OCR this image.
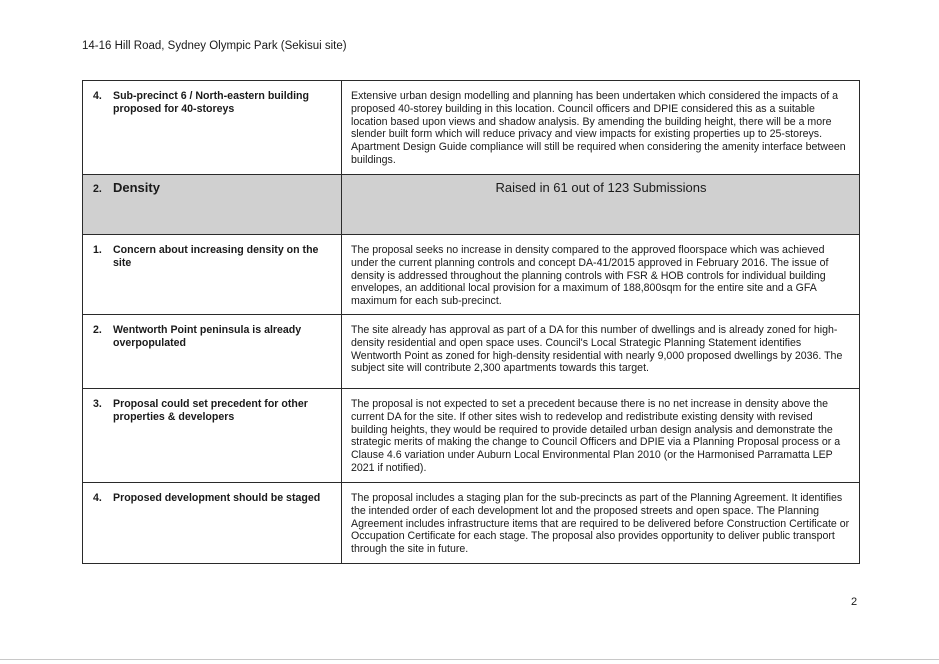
14-16 Hill Road, Sydney Olympic Park (Sekisui site)
4. Sub-precinct 6 / North-eastern building proposed for 40-storeys	Extensive urban design modelling and planning has been undertaken which considered the impacts of a proposed 40-storey building in this location. Council officers and DPIE considered this as a suitable location based upon views and shadow analysis. By amending the building height, there will be a more slender built form which will reduce privacy and view impacts for existing properties up to 25-storeys. Apartment Design Guide compliance will still be required when considering the amenity interface between buildings.

2. Density	Raised in 61 out of 123 Submissions

1. Concern about increasing density on the site	The proposal seeks no increase in density compared to the approved floorspace which was achieved under the current planning controls and concept DA-41/2015 approved in February 2016. The issue of density is addressed throughout the planning controls with FSR & HOB controls for individual building envelopes, an additional local provision for a maximum of 188,800sqm for the entire site and a GFA maximum for each sub-precinct.

2. Wentworth Point peninsula is already overpopulated	The site already has approval as part of a DA for this number of dwellings and is already zoned for high-density residential and open space uses. Council's Local Strategic Planning Statement identifies Wentworth Point as zoned for high-density residential with nearly 9,000 proposed dwellings by 2036. The subject site will contribute 2,300 apartments towards this target.

3. Proposal could set precedent for other properties & developers	The proposal is not expected to set a precedent because there is no net increase in density above the current DA for the site. If other sites wish to redevelop and redistribute existing density with revised building heights, they would be required to provide detailed urban design analysis and demonstrate the strategic merits of making the change to Council Officers and DPIE via a Planning Proposal process or a Clause 4.6 variation under Auburn Local Environmental Plan 2010 (or the Harmonised Parramatta LEP 2021 if notified).

4. Proposed development should be staged	The proposal includes a staging plan for the sub-precincts as part of the Planning Agreement. It identifies the intended order of each development lot and the proposed streets and open space. The Planning Agreement includes infrastructure items that are required to be delivered before Construction Certificate or Occupation Certificate for each stage. The proposal also provides opportunity to deliver public transport through the site in future.

2
